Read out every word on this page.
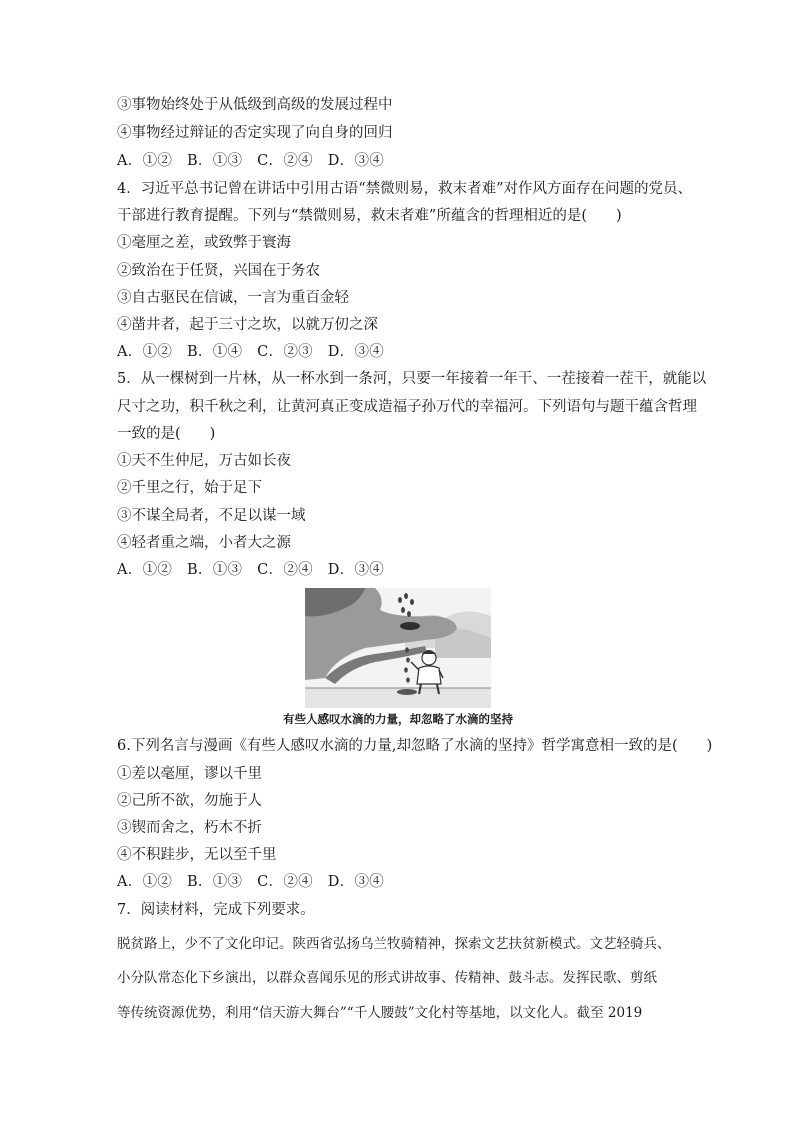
③事物始终处于从低级到高级的发展过程中
④事物经过辩证的否定实现了向自身的回归
A．①②　B．①③　C．②④　D．③④
4．习近平总书记曾在讲话中引用古语“禁微则易，救末者难”对作风方面存在问题的党员、
干部进行教育提醒。下列与“禁微则易，救末者难”所蕴含的哲理相近的是(　　)
①毫厘之差，或致弊于寰海
②致治在于任贤，兴国在于务农
③自古驱民在信诚，一言为重百金轻
④凿井者，起于三寸之坎，以就万仞之深
A．①②　B．①④　C．②③　D．③④
5．从一棵树到一片林，从一杯水到一条河，只要一年接着一年干、一茬接着一茬干，就能以
尺寸之功，积千秋之利，让黄河真正变成造福子孙万代的幸福河。下列语句与题干蕴含哲理
一致的是(　　)
①天不生仲尼，万古如长夜
②千里之行，始于足下
③不谋全局者，不足以谋一域
④轻者重之端，小者大之源
A．①②　B．①③　C．②④　D．③④
有些人感叹水滴的力量，却忽略了水滴的坚持
6.下列名言与漫画《有些人感叹水滴的力量,却忽略了水滴的坚持》哲学寓意相一致的是(　　)
①差以毫厘，谬以千里
②己所不欲，勿施于人
③锲而舍之，朽木不折
④不积跬步，无以至千里
A．①②　B．①③　C．②④　D．③④
7．阅读材料，完成下列要求。
脱贫路上，少不了文化印记。陕西省弘扬乌兰牧骑精神，探索文艺扶贫新模式。文艺轻骑兵、
小分队常态化下乡演出，以群众喜闻乐见的形式讲故事、传精神、鼓斗志。发挥民歌、剪纸
等传统资源优势，利用“信天游大舞台”“千人腰鼓”文化村等基地，以文化人。截至 2019
